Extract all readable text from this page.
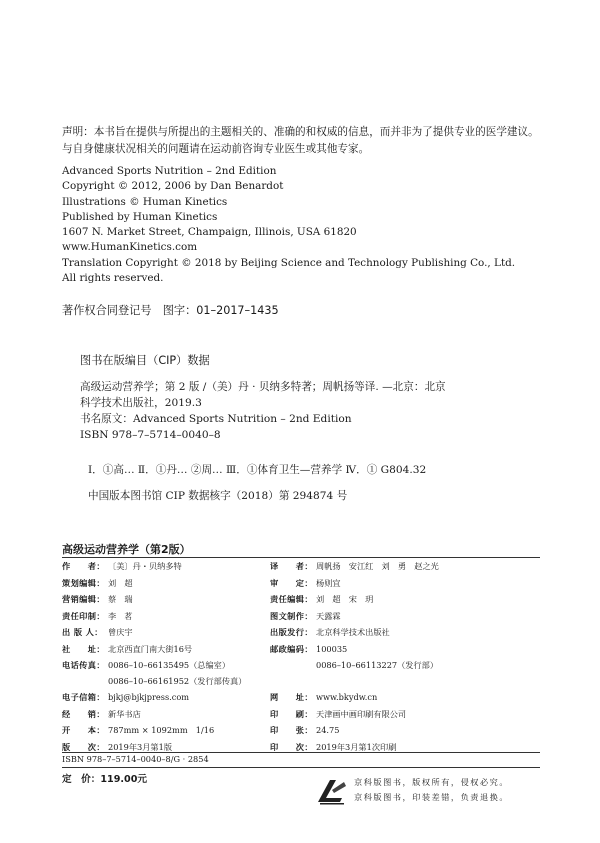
声明：本书旨在提供与所提出的主题相关的、准确的和权威的信息，而并非为了提供专业的医学建议。与自身健康状况相关的问题请在运动前咨询专业医生或其他专家。
Advanced Sports Nutrition – 2nd Edition
Copyright © 2012, 2006 by Dan Benardot
Illustrations © Human Kinetics
Published by Human Kinetics
1607 N. Market Street, Champaign, Illinois, USA 61820
www.HumanKinetics.com
Translation Copyright © 2018 by Beijing Science and Technology Publishing Co., Ltd.
All rights reserved.
著作权合同登记号　图字：01–2017–1435
图书在版编目（CIP）数据
高级运动营养学；第 2 版 /（美）丹 · 贝纳多特著；周帆扬等译. —北京：北京
科学技术出版社，2019.3
书名原文：Advanced Sports Nutrition – 2nd Edition
ISBN 978–7–5714–0040–8
Ⅰ．①高… Ⅱ．①丹… ②周… Ⅲ．①体育卫生—营养学 Ⅳ．① G804.32
中国版本图书馆 CIP 数据核字（2018）第 294874 号
高级运动营养学（第2版）
作　　者： 〔美〕丹・贝纳多特
策划编辑： 刘　超
营销编辑： 蔡　瑞
责任印制： 李　茗
出 版 人： 曾庆宇
社　　址： 北京西直门南大街16号
电话传真： 0086–10–66135495（总编室）
0086–10–66161952（发行部传真）
电子信箱： bjkj@bjkjpress.com
经　　销： 新华书店
开　　本： 787mm × 1092mm　1/16
版　　次： 2019年3月第1版
译　　者： 周帆扬　安江红　刘　勇　赵之光
审　　定： 杨则宜
责任编辑： 刘　超　宋　玥
图文制作： 天露霖
出版发行： 北京科学技术出版社
邮政编码： 100035
0086–10–66113227（发行部）
网　　址： www.bkydw.cn
印　　刷： 天津画中画印刷有限公司
印　　张： 24.75
印　　次： 2019年3月第1次印刷
ISBN 978–7–5714–0040–8/G · 2854
定　价：119.00元	京科版图书，版权所有，侵权必究。
京科版图书，印装差错，负责退换。
